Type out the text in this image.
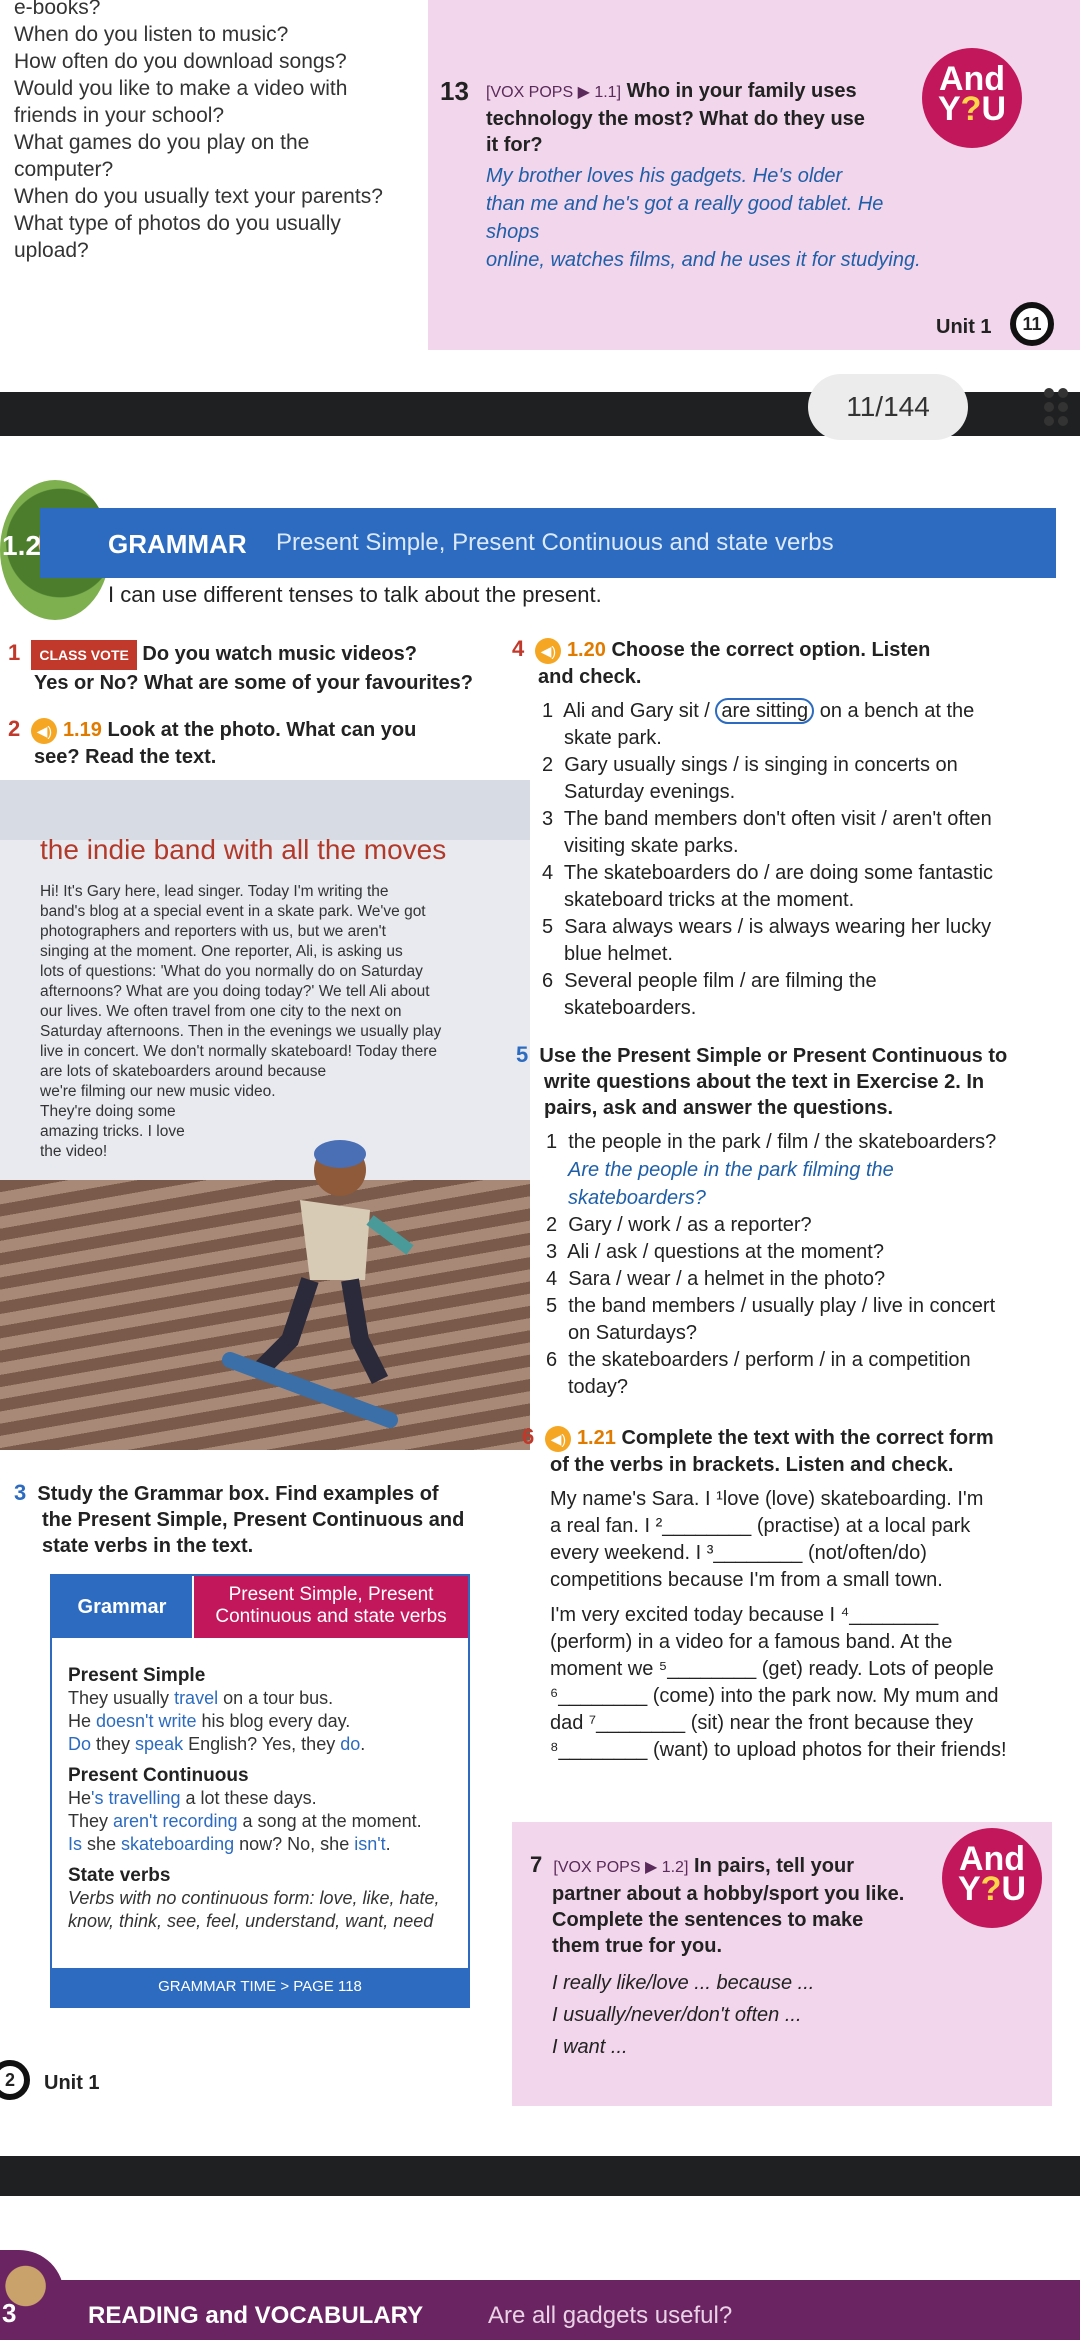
e-books?
When do you listen to music?
How often do you download songs?
Would you like to make a video with
friends in your school?
What games do you play on the
computer?
When do you usually text your parents?
What type of photos do you usually
upload?
13 [VOX POPS ▶ 1.1] Who in your family uses
technology the most? What do they use
it for?
My brother loves his gadgets. He's older
than me and he's got a really good tablet. He shops
online, watches films, and he uses it for studying.
And
Y?U
Unit 1	11
11/144
1.2	GRAMMAR Present Simple, Present Continuous and state verbs
I can use different tenses to talk about the present.
1 CLASS VOTE Do you watch music videos?
Yes or No? What are some of your favourites?
2 ◀) 1.19 Look at the photo. What can you
see? Read the text.
the indie band with all the moves
Hi! It's Gary here, lead singer. Today I'm writing the
band's blog at a special event in a skate park. We've got
photographers and reporters with us, but we aren't
singing at the moment. One reporter, Ali, is asking us
lots of questions: 'What do you normally do on Saturday
afternoons? What are you doing today?' We tell Ali about
our lives. We often travel from one city to the next on
Saturday afternoons. Then in the evenings we usually play
live in concert. We don't normally skateboard! Today there
are lots of skateboarders around because
we're filming our new music video.
They're doing some
amazing tricks. I love
the video!
3 Study the Grammar box. Find examples of
the Present Simple, Present Continuous and
state verbs in the text.
Grammar
Present Simple, Present Continuous and state verbs
Present Simple
They usually travel on a tour bus.
He doesn't write his blog every day.
Do they speak English? Yes, they do.
Present Continuous
He's travelling a lot these days.
They aren't recording a song at the moment.
Is she skateboarding now? No, she isn't.
State verbs
Verbs with no continuous form: love, like, hate,
know, think, see, feel, understand, want, need
GRAMMAR TIME > PAGE 118
4 ◀) 1.20 Choose the correct option. Listen
and check.
1 Ali and Gary sit / are sitting on a bench at the
skate park.
2 Gary usually sings / is singing in concerts on
Saturday evenings.
3 The band members don't often visit / aren't often
visiting skate parks.
4 The skateboarders do / are doing some fantastic
skateboard tricks at the moment.
5 Sara always wears / is always wearing her lucky
blue helmet.
6 Several people film / are filming the
skateboarders.
5 Use the Present Simple or Present Continuous to
write questions about the text in Exercise 2. In
pairs, ask and answer the questions.
1 the people in the park / film / the skateboarders?
Are the people in the park filming the
skateboarders?
2 Gary / work / as a reporter?
3 Ali / ask / questions at the moment?
4 Sara / wear / a helmet in the photo?
5 the band members / usually play / live in concert
on Saturdays?
6 the skateboarders / perform / in a competition
today?
6 ◀) 1.21 Complete the text with the correct form
of the verbs in brackets. Listen and check.
My name's Sara. I ¹love (love) skateboarding. I'm
a real fan. I ²________ (practise) at a local park
every weekend. I ³________ (not/often/do)
competitions because I'm from a small town.
I'm very excited today because I ⁴________
(perform) in a video for a famous band. At the
moment we ⁵________ (get) ready. Lots of people
⁶________ (come) into the park now. My mum and
dad ⁷________ (sit) near the front because they
⁸________ (want) to upload photos for their friends!
7 [VOX POPS ▶ 1.2] In pairs, tell your
partner about a hobby/sport you like.
Complete the sentences to make
them true for you.
I really like/love ... because ...
I usually/never/don't often ...
I want ...
And
Y?U
2	Unit 1
3	READING and VOCABULARY	Are all gadgets useful?
